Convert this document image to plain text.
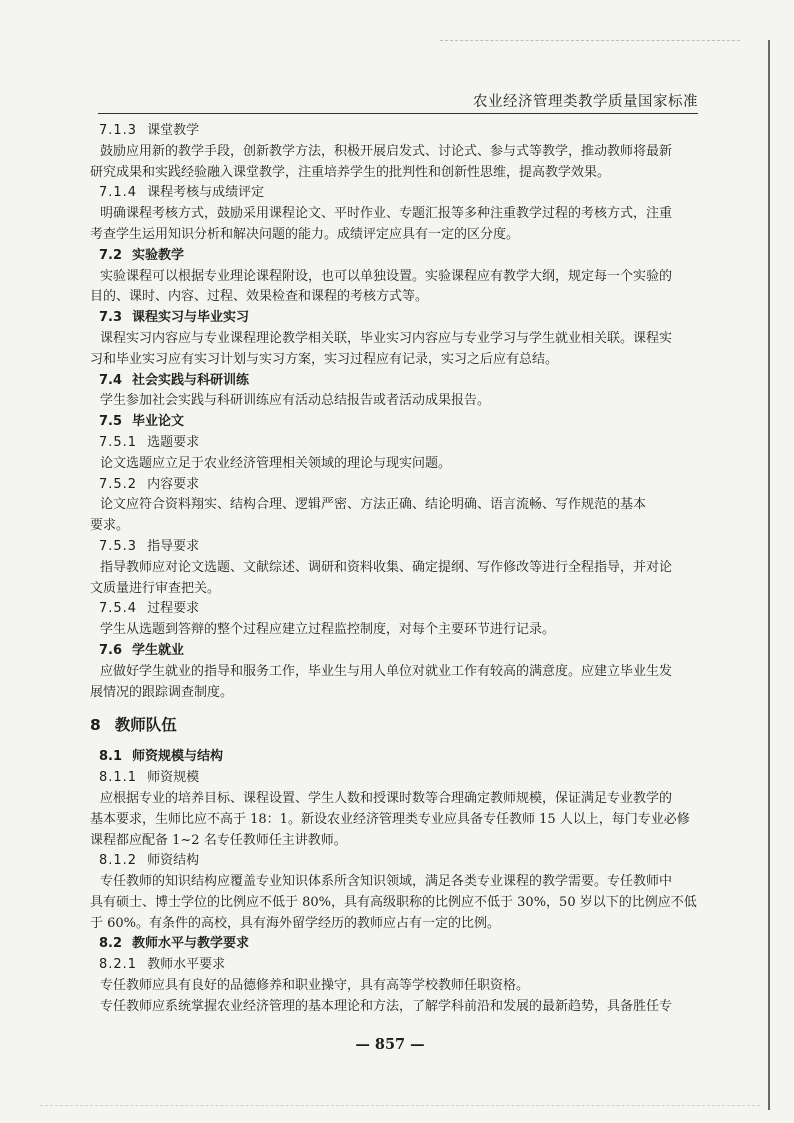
农业经济管理类教学质量国家标准
7.1.3 课堂教学
鼓励应用新的教学手段，创新教学方法，积极开展启发式、讨论式、参与式等教学，推动教师将最新
研究成果和实践经验融入课堂教学，注重培养学生的批判性和创新性思维，提高教学效果。
7.1.4 课程考核与成绩评定
明确课程考核方式，鼓励采用课程论文、平时作业、专题汇报等多种注重教学过程的考核方式，注重
考查学生运用知识分析和解决问题的能力。成绩评定应具有一定的区分度。
7.2 实验教学
实验课程可以根据专业理论课程附设，也可以单独设置。实验课程应有教学大纲，规定每一个实验的
目的、课时、内容、过程、效果检查和课程的考核方式等。
7.3 课程实习与毕业实习
课程实习内容应与专业课程理论教学相关联，毕业实习内容应与专业学习与学生就业相关联。课程实
习和毕业实习应有实习计划与实习方案，实习过程应有记录，实习之后应有总结。
7.4 社会实践与科研训练
学生参加社会实践与科研训练应有活动总结报告或者活动成果报告。
7.5 毕业论文
7.5.1 选题要求
论文选题应立足于农业经济管理相关领域的理论与现实问题。
7.5.2 内容要求
论文应符合资料翔实、结构合理、逻辑严密、方法正确、结论明确、语言流畅、写作规范的基本
要求。
7.5.3 指导要求
指导教师应对论文选题、文献综述、调研和资料收集、确定提纲、写作修改等进行全程指导，并对论
文质量进行审查把关。
7.5.4 过程要求
学生从选题到答辩的整个过程应建立过程监控制度，对每个主要环节进行记录。
7.6 学生就业
应做好学生就业的指导和服务工作，毕业生与用人单位对就业工作有较高的满意度。应建立毕业生发
展情况的跟踪调查制度。
8 教师队伍
8.1 师资规模与结构
8.1.1 师资规模
应根据专业的培养目标、课程设置、学生人数和授课时数等合理确定教师规模，保证满足专业教学的
基本要求，生师比应不高于 18：1。新设农业经济管理类专业应具备专任教师 15 人以上，每门专业必修
课程都应配备 1~2 名专任教师任主讲教师。
8.1.2 师资结构
专任教师的知识结构应覆盖专业知识体系所含知识领域，满足各类专业课程的教学需要。专任教师中
具有硕士、博士学位的比例应不低于 80%，具有高级职称的比例应不低于 30%，50 岁以下的比例应不低
于 60%。有条件的高校，具有海外留学经历的教师应占有一定的比例。
8.2 教师水平与教学要求
8.2.1 教师水平要求
专任教师应具有良好的品德修养和职业操守，具有高等学校教师任职资格。
专任教师应系统掌握农业经济管理的基本理论和方法，了解学科前沿和发展的最新趋势，具备胜任专
— 857 —
